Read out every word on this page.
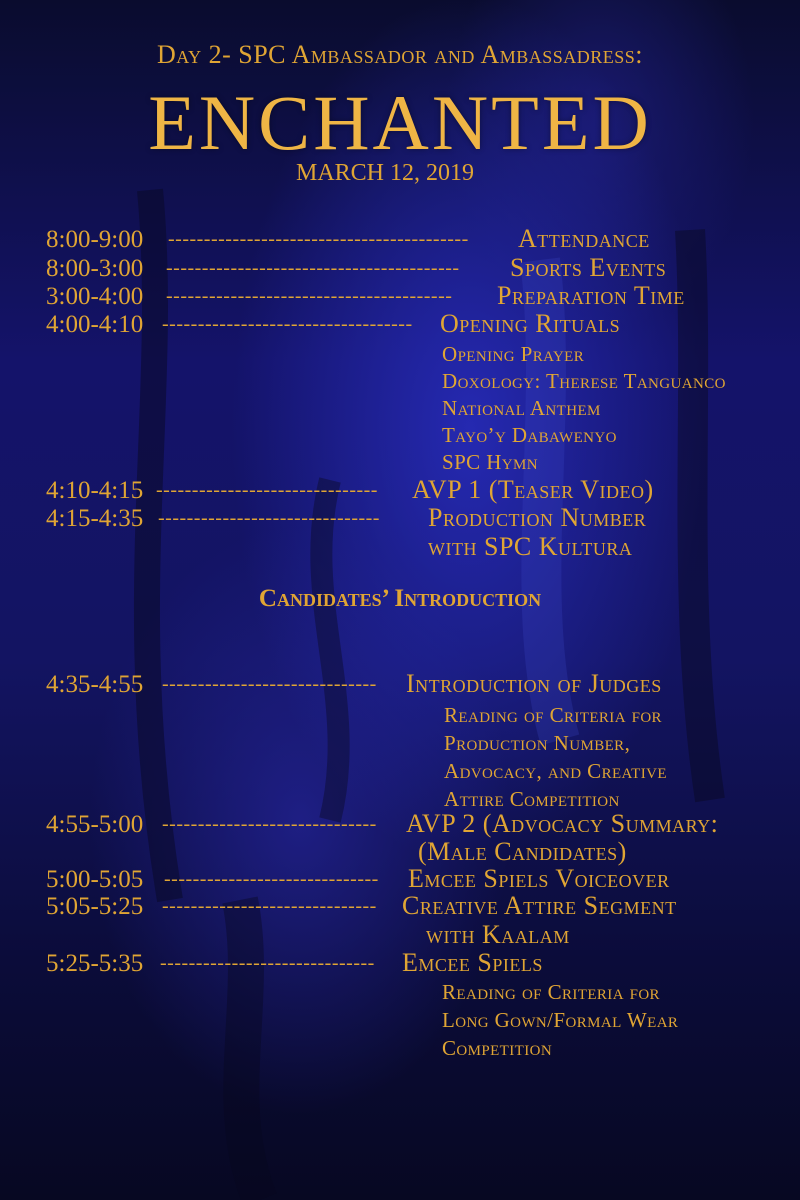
Day 2- SPC Ambassador and Ambassadress:
ENCHANTED
MARCH 12, 2019
8:00-9:00 ------------------------------------------ Attendance
8:00-3:00 ----------------------------------------- Sports Events
3:00-4:00 ---------------------------------------- Preparation Time
4:00-4:10 ----------------------------------- Opening Rituals
Opening Prayer
Doxology: Therese Tanguanco
National Anthem
Tayo’y Dabawenyo
SPC Hymn
4:10-4:15 ------------------------------- AVP 1 (Teaser Video)
4:15-4:35 ------------------------------- Production Number
with SPC Kultura
Candidates’ Introduction
4:35-4:55 ------------------------------ Introduction of Judges
Reading of Criteria for
Production Number,
Advocacy, and Creative
Attire Competition
4:55-5:00 ------------------------------ AVP 2 (Advocacy Summary:
(Male Candidates)
5:00-5:05 ------------------------------ Emcee Spiels Voiceover
5:05-5:25 ------------------------------ Creative Attire Segment
with Kaalam
5:25-5:35 ------------------------------ Emcee Spiels
Reading of Criteria for
Long Gown/Formal Wear
Competition
